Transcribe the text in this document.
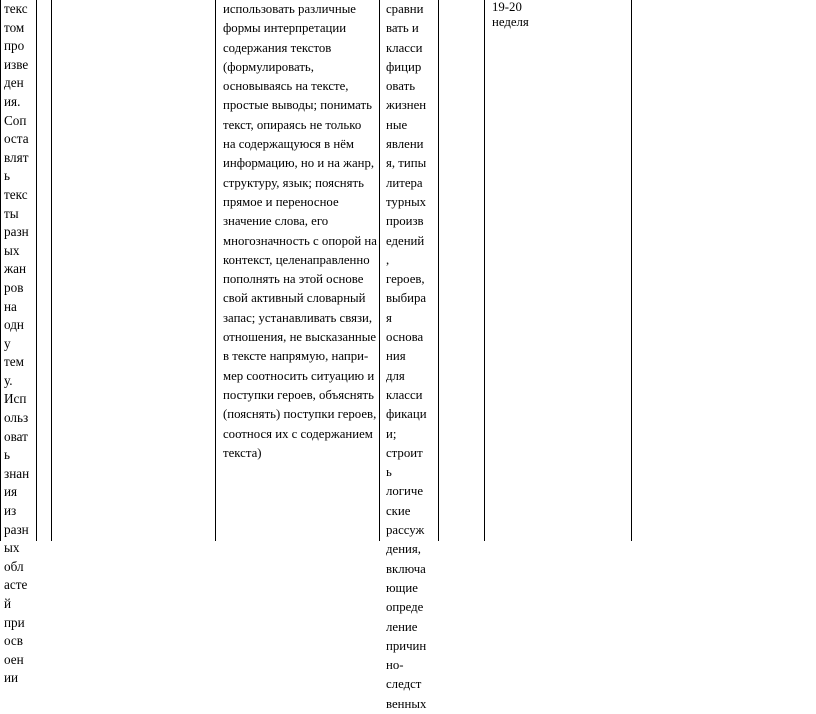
текс
том
про
изве
ден
ия.
Соп
оста
влят
ь
текс
ты
разн
ых
жан
ров
на
одн
у
тем
у.
Исп
ольз
оват
ь
знан
ия
из
разн
ых
обл
асте
й
при
осв
оен
ии
использовать различные
формы интерпретации
содержания текстов
(формулировать,
основываясь на тексте,
простые выводы; понимать
текст, опираясь не только
на содержащуюся в нём
информацию, но и на жанр,
структуру, язык; пояснять
прямое и переносное
значение слова, его
многозначность с опорой на
контекст, целенаправленно
пополнять на этой основе
свой активный словарный
запас; устанавливать связи,
отношения, не высказанные
в тексте напрямую, напри-
мер соотносить ситуацию и
поступки героев, объяснять
(пояснять) поступки героев,
соотнося их с содержанием
текста)
сравни
вать и
класси
фицир
овать
жизнен
ные
явлени
я, типы
литера
турных
произв
едений
,
героев,
выбира
я
основа
ния
для
класси
фикаци
и;
строит
ь
логиче
ские
рассуж
дения,
включа
ющие
опреде
ление
причин
но-
следст
венных
19-20
неделя
